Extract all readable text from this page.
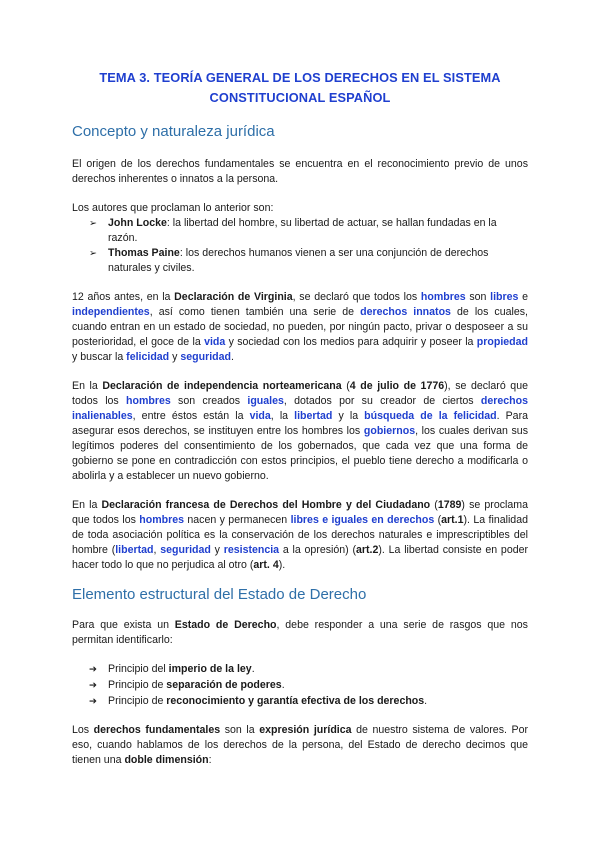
TEMA 3. TEORÍA GENERAL DE LOS DERECHOS EN EL SISTEMA
CONSTITUCIONAL ESPAÑOL
Concepto y naturaleza jurídica

El origen de los derechos fundamentales se encuentra en el reconocimiento previo de unos derechos inherentes o innatos a la persona.

Los autores que proclaman lo anterior son:

➢ John Locke: la libertad del hombre, su libertad de actuar, se hallan fundadas en la razón.
➢ Thomas Paine: los derechos humanos vienen a ser una conjunción de derechos naturales y civiles.

12 años antes, en la Declaración de Virginia, se declaró que todos los hombres son libres e independientes, así como tienen también una serie de derechos innatos de los cuales, cuando entran en un estado de sociedad, no pueden, por ningún pacto, privar o desposeer a su posterioridad, el goce de la vida y sociedad con los medios para adquirir y poseer la propiedad y buscar la felicidad y seguridad.

En la Declaración de independencia norteamericana (4 de julio de 1776), se declaró que todos los hombres son creados iguales, dotados por su creador de ciertos derechos inalienables, entre éstos están la vida, la libertad y la búsqueda de la felicidad. Para asegurar esos derechos, se instituyen entre los hombres los gobiernos, los cuales derivan sus legítimos poderes del consentimiento de los gobernados, que cada vez que una forma de gobierno se pone en contradicción con estos principios, el pueblo tiene derecho a modificarla o abolirla y a establecer un nuevo gobierno.

En la Declaración francesa de Derechos del Hombre y del Ciudadano (1789) se proclama que todos los hombres nacen y permanecen libres e iguales en derechos (art.1). La finalidad de toda asociación política es la conservación de los derechos naturales e imprescriptibles del hombre (libertad, seguridad y resistencia a la opresión) (art.2). La libertad consiste en poder hacer todo lo que no perjudica al otro (art. 4).

Elemento estructural del Estado de Derecho

Para que exista un Estado de Derecho, debe responder a una serie de rasgos que nos permitan identificarlo:

➔ Principio del imperio de la ley.
➔ Principio de separación de poderes.
➔ Principio de reconocimiento y garantía efectiva de los derechos.

Los derechos fundamentales son la expresión jurídica de nuestro sistema de valores. Por eso, cuando hablamos de los derechos de la persona, del Estado de derecho decimos que tienen una doble dimensión:
